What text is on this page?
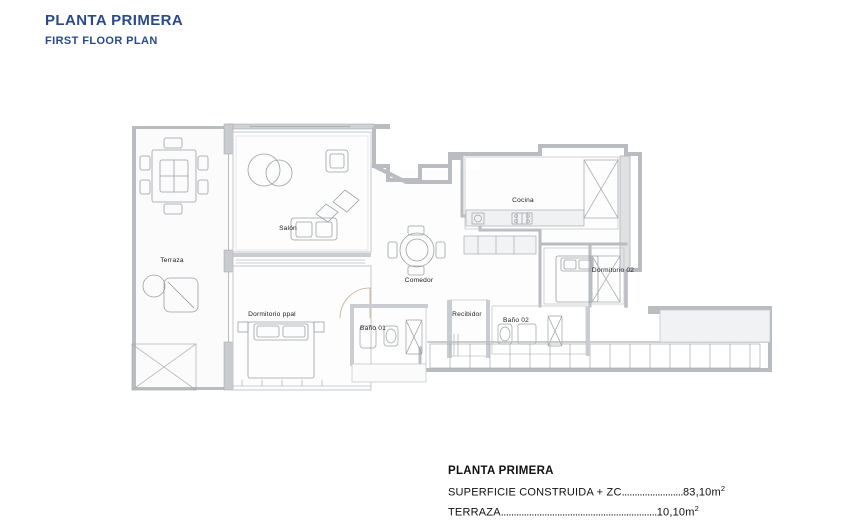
PLANTA PRIMERA
FIRST FLOOR PLAN
Terraza
Salón
Comedor
Cocina
Dormitorio 02
Dormitorio ppal
Baño 01
Recibidor
Baño 02
PLANTA PRIMERA
SUPERFICIE CONSTRUIDA + $ZC........................83,10m^2$
$TERRAZA.............................................................10,10m^2$
